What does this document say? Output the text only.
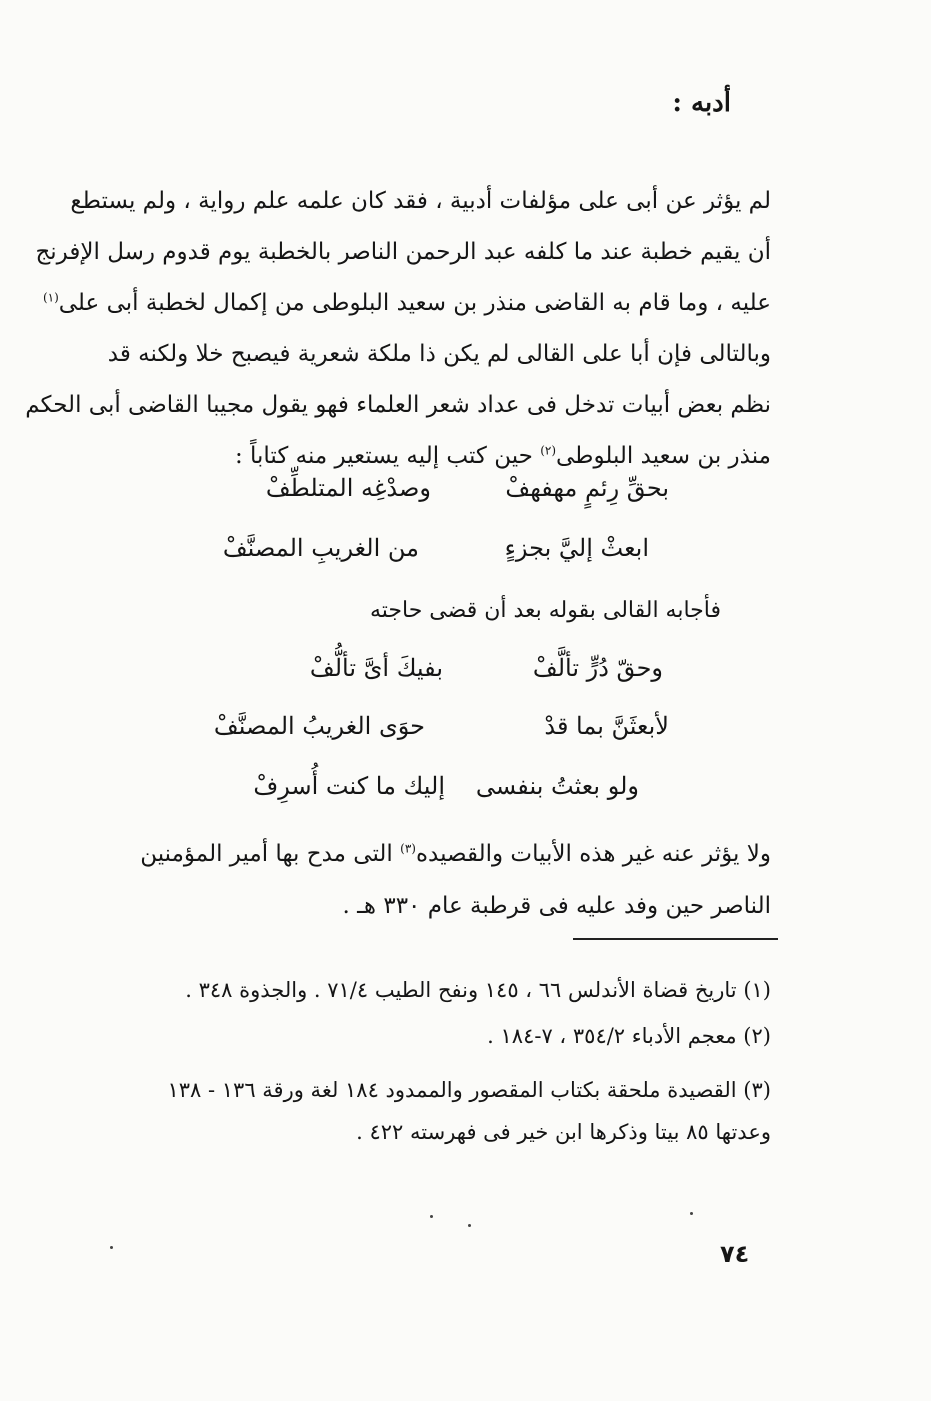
أدبه :
لم يؤثر عن أبى على مؤلفات أدبية ، فقد كان علمه علم رواية ، ولم يستطع
أن يقيم خطبة عند ما كلفه عبد الرحمن الناصر بالخطبة يوم قدوم رسل الإفرنج
عليه ، وما قام به القاضى منذر بن سعيد البلوطى من إكمال لخطبة أبى على$^{(١)}$
وبالتالى فإن أبا على القالى لم يكن ذا ملكة شعرية فيصبح خلا ولكنه قد
نظم بعض أبيات تدخل فى عداد شعر العلماء فهو يقول مجيبا القاضى أبى الحكم
منذر بن سعيد البلوطى$^{(٢)}$ حين كتب إليه يستعير منه كتاباً :
بحقِّ رِئمٍ مهفهفْ
وصدْغِه المتلطِّفْ
ابعثْ إليَّ بجزءٍ
من الغريبِ المصنَّفْ
فأجابه القالى بقوله بعد أن قضى حاجته
وحقّ دُرٍّ تألَّفْ
بفيكَ أىَّ تألُّفْ
لأبعثَنَّ بما قدْ
حوَى الغريبُ المصنَّفْ
ولو بعثتُ بنفسى
إليك ما كنت أُسرِفْ
ولا يؤثر عنه غير هذه الأبيات والقصيده$^{(٣)}$ التى مدح بها أمير المؤمنين
الناصر حين وفد عليه فى قرطبة عام ٣٣٠ هـ .
(١) تاريخ قضاة الأندلس ٦٦ ، ١٤٥ ونفح الطيب ٧١/٤ . والجذوة ٣٤٨ .
(٢) معجم الأدباء ٣٥٤/٢ ، ٧-١٨٤ .
(٣) القصيدة ملحقة بكتاب المقصور والممدود ١٨٤ لغة ورقة ١٣٦ - ١٣٨
وعدتها ٨٥ بيتا وذكرها ابن خير فى فهرسته ٤٢٢ .
٧٤
